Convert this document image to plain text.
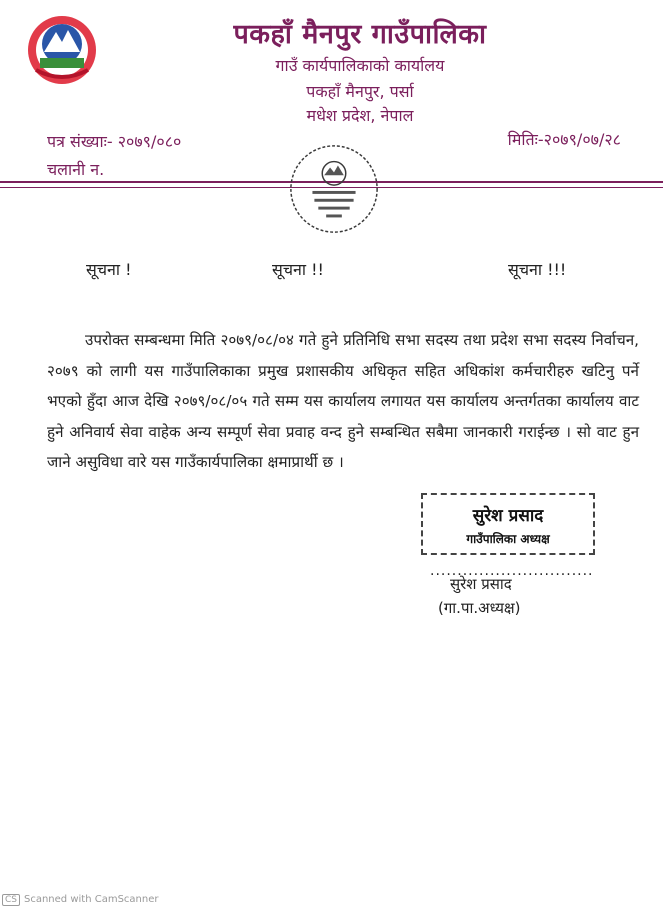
पकहाँ मैनपुर गाउँपालिका
गाउँ कार्यपालिकाको कार्यालय
पकहाँ मैनपुर, पर्सा
मधेश प्रदेश, नेपाल
पत्र संख्याः- २०७९/०८०
चलानी न.
मितिः-२०७९/०७/२८
सूचना !	सूचना !!	सूचना !!!
उपरोक्त सम्बन्धमा मिति २०७९/०८/०४ गते हुने प्रतिनिधि सभा सदस्य तथा प्रदेश सभा सदस्य निर्वाचन, २०७९ को लागी यस गाउँपालिकाका प्रमुख प्रशासकीय अधिकृत सहित अधिकांश कर्मचारीहरु खटिनु पर्ने भएको हुँदा आज देखि २०७९/०८/०५ गते सम्म यस कार्यालय लगायत यस कार्यालय अन्तर्गतका कार्यालय वाट हुने अनिवार्य सेवा वाहेक अन्य सम्पूर्ण सेवा प्रवाह वन्द हुने सम्बन्धित सबैमा जानकारी गराईन्छ । सो वाट हुन जाने असुविधा वारे यस गाउँकार्यपालिका क्षमाप्रार्थी छ ।
सुरेश प्रसाद
गाउँपालिका अध्यक्ष
..............................
सुरेश प्रसाद
(गा.पा.अध्यक्ष)
CS Scanned with CamScanner
